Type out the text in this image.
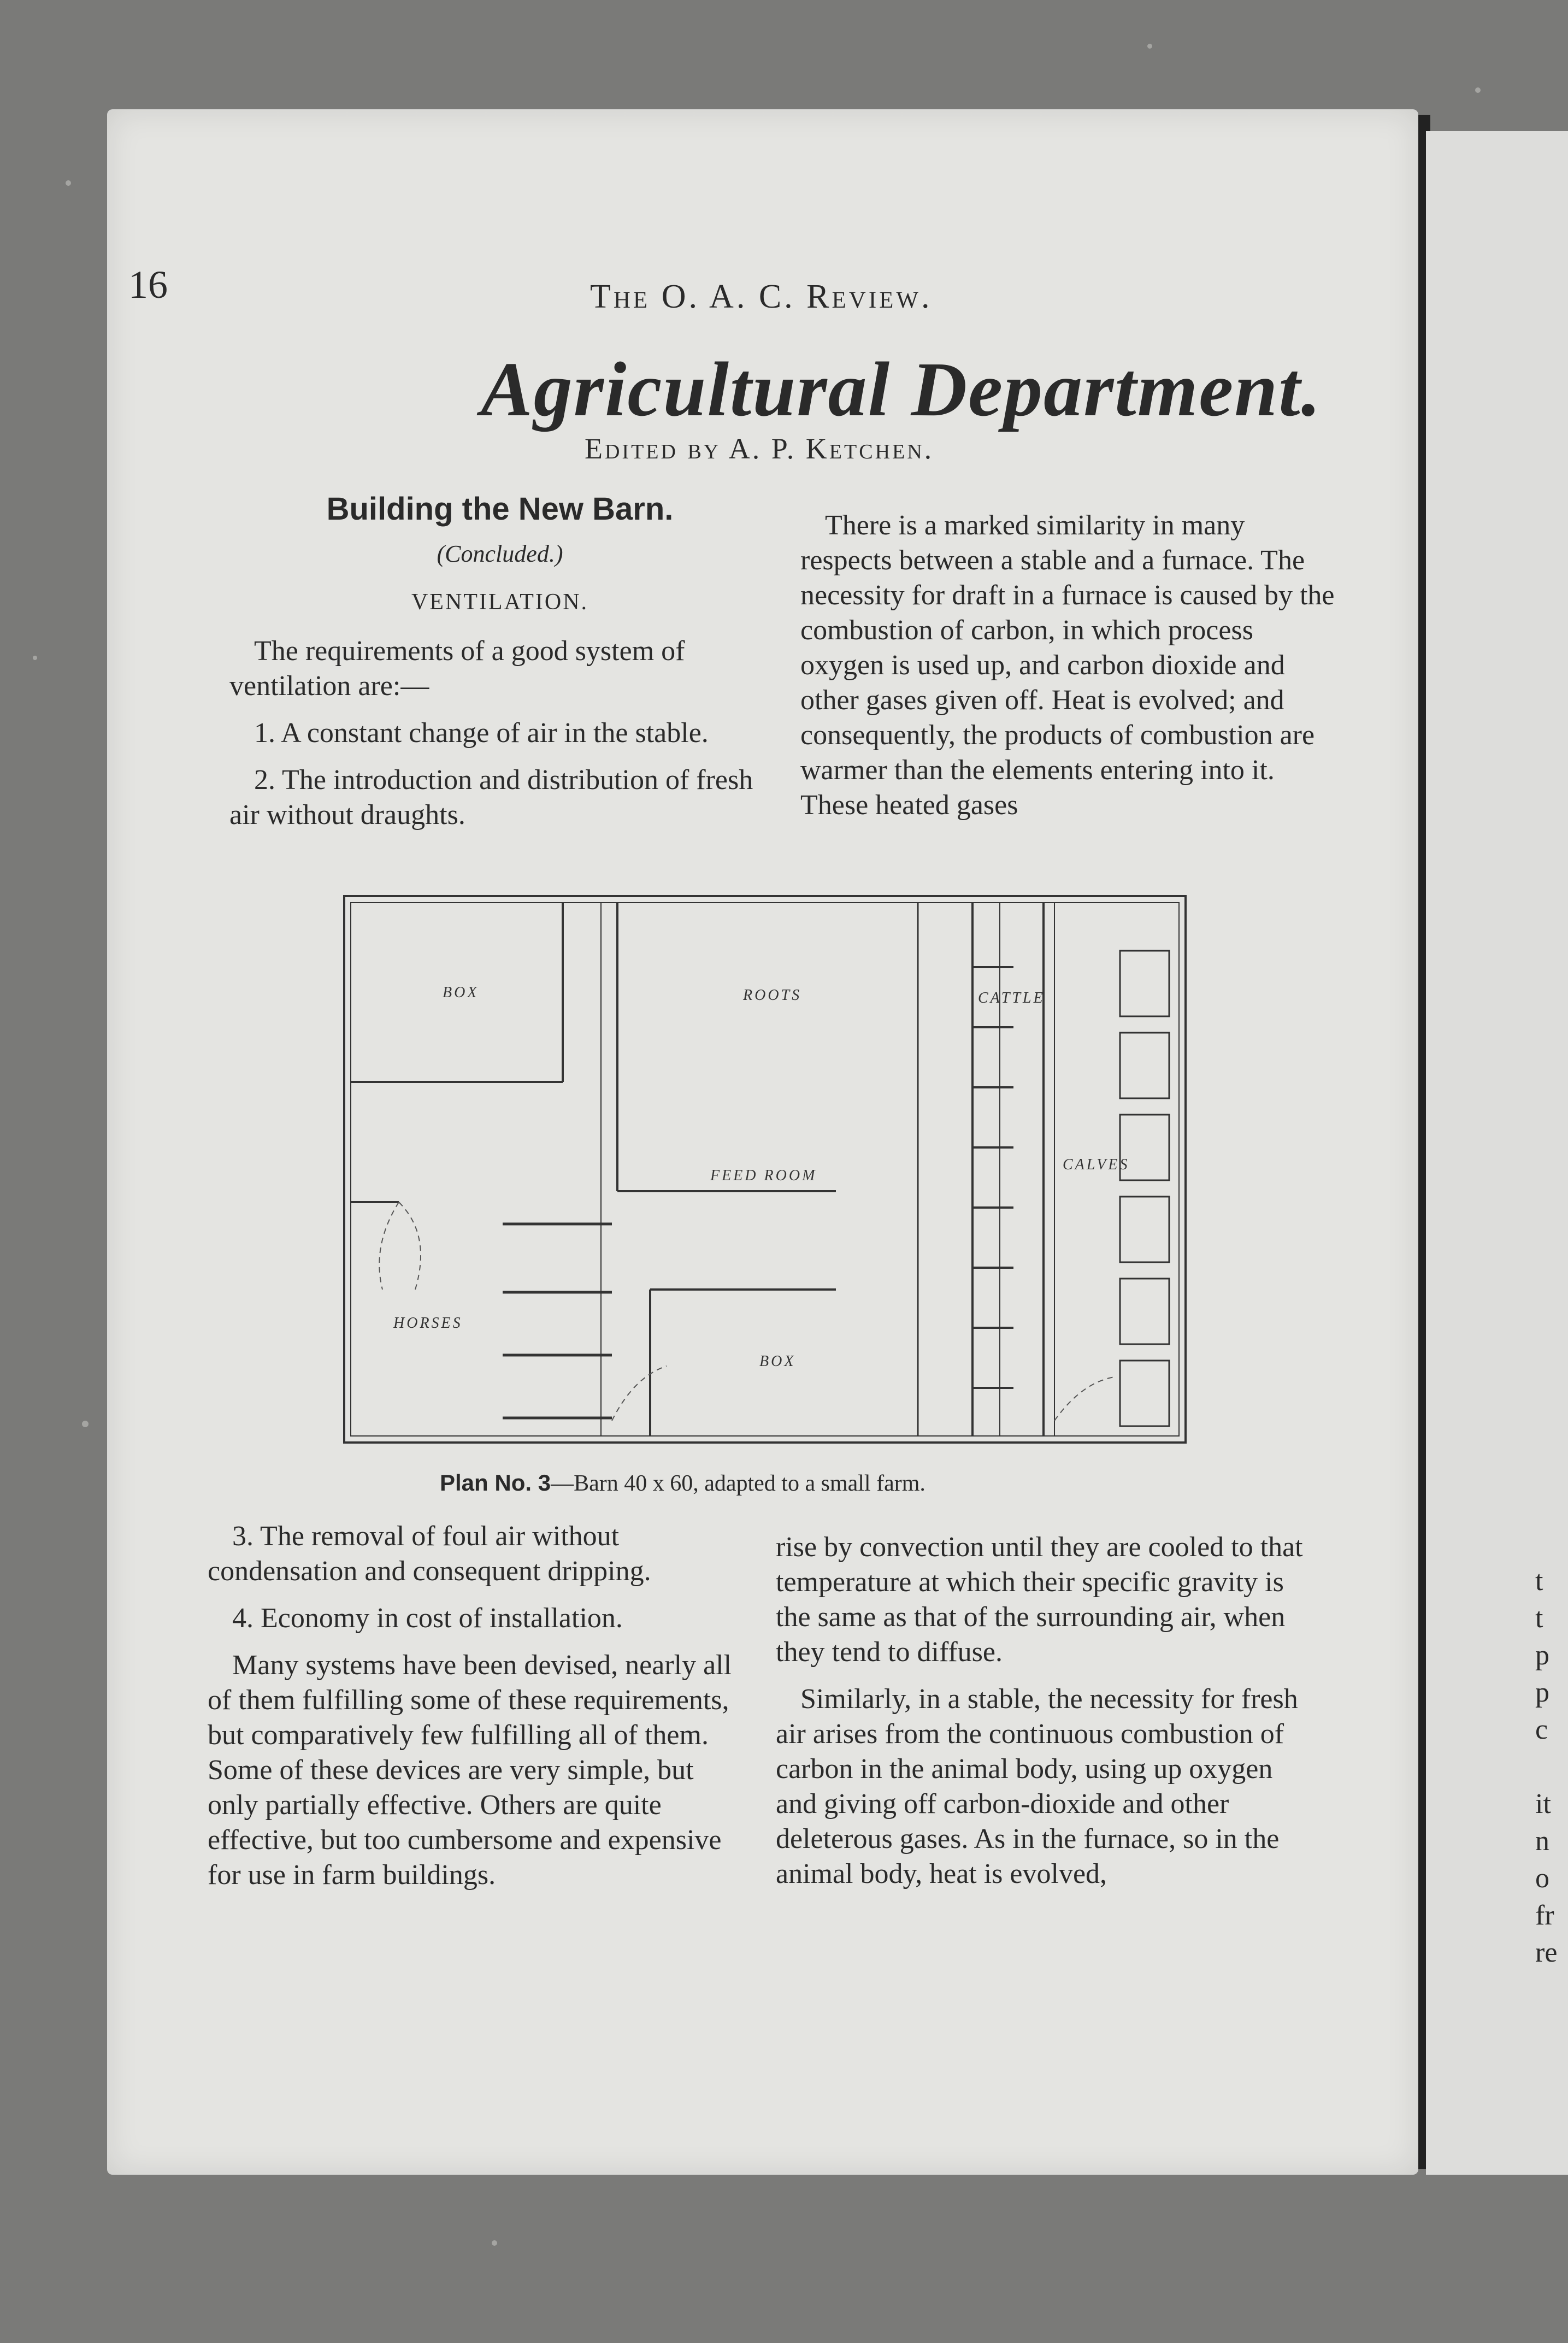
16	The O. A. C. Review.
Agricultural Department.
Edited by A. P. Ketchen.
Building the New Barn.
(Concluded.)
VENTILATION.

The requirements of a good system of ventilation are:—

1. A constant change of air in the stable.

2. The introduction and distribution of fresh air without draughts.

There is a marked similarity in many respects between a stable and a furnace. The necessity for draft in a furnace is caused by the combustion of carbon, in which process oxygen is used up, and carbon dioxide and other gases given off. Heat is evolved; and consequently, the products of combustion are warmer than the elements entering into it. These heated gases

BOX	ROOTS	CATTLE
FEED ROOM
CALVES
HORSES
BOX
Plan No. 3—Barn 40 x 60, adapted to a small farm.

3. The removal of foul air without condensation and consequent dripping.

4. Economy in cost of installation.

Many systems have been devised, nearly all of them fulfilling some of these requirements, but comparatively few fulfilling all of them. Some of these devices are very simple, but only partially effective. Others are quite effective, but too cumbersome and expensive for use in farm buildings.

rise by convection until they are cooled to that temperature at which their specific gravity is the same as that of the surrounding air, when they tend to diffuse.

Similarly, in a stable, the necessity for fresh air arises from the continuous combustion of carbon in the animal body, using up oxygen and giving off carbon-dioxide and other deleterous gases. As in the furnace, so in the animal body, heat is evolved,

t
t
p
p
c
it
n
o
fr
re
